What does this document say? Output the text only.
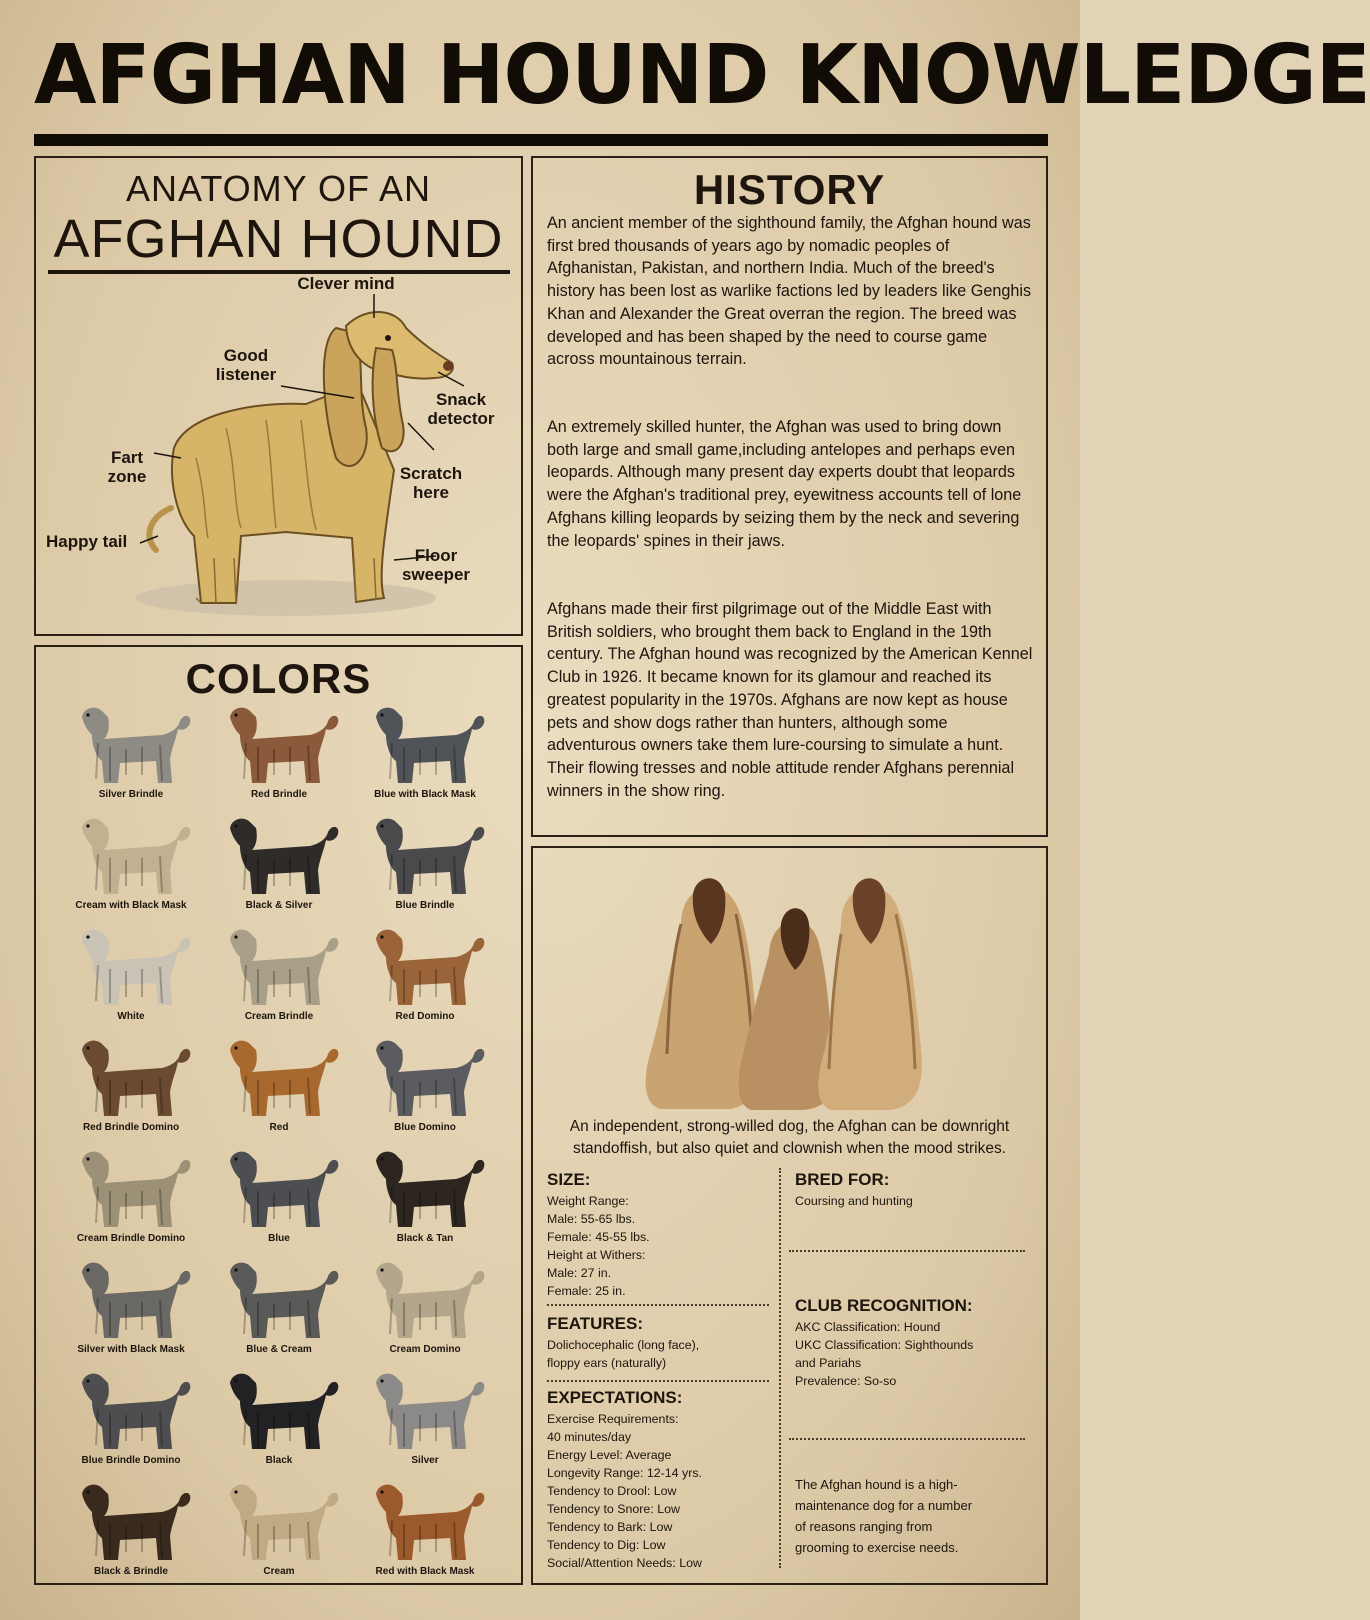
AFGHAN HOUND KNOWLEDGE
ANATOMY OF AN
AFGHAN HOUND
Clever mind
Good
listener
Snack
detector
Fart
zone	Scratch
here
Happy tail
Floor
sweeper
COLORS
Silver Brindle	Red Brindle	Blue with Black Mask
Cream with Black Mask	Black & Silver	Blue Brindle
White	Cream Brindle	Red Domino
Red Brindle Domino	Red	Blue Domino
Cream Brindle Domino	Blue	Black & Tan
Silver with Black Mask	Blue & Cream	Cream Domino
Blue Brindle Domino	Black	Silver
Black & Brindle	Cream	Red with Black Mask
HISTORY

An ancient member of the sighthound family, the Afghan hound was first bred thousands of years ago by nomadic peoples of Afghanistan, Pakistan, and northern India. Much of the breed's history has been lost as warlike factions led by leaders like Genghis Khan and Alexander the Great overran the region. The breed was developed and has been shaped by the need to course game across mountainous terrain.

An extremely skilled hunter, the Afghan was used to bring down both large and small game,including antelopes and perhaps even leopards. Although many present day experts doubt that leopards were the Afghan's traditional prey, eyewitness accounts tell of lone Afghans killing leopards by seizing them by the neck and severing the leopards' spines in their jaws.

Afghans made their first pilgrimage out of the Middle East with British soldiers, who brought them back to England in the 19th century. The Afghan hound was recognized by the American Kennel Club in 1926. It became known for its glamour and reached its greatest popularity in the 1970s. Afghans are now kept as house pets and show dogs rather than hunters, although some adventurous owners take them lure-coursing to simulate a hunt. Their flowing tresses and noble attitude render Afghans perennial winners in the show ring.

An independent, strong-willed dog, the Afghan can be downright standoffish, but also quiet and clownish when the mood strikes.
SIZE:
Weight Range:
Male: 55-65 lbs.
Female: 45-55 lbs.
Height at Withers:
Male: 27 in.
Female: 25 in.
FEATURES:
Dolichocephalic (long face),
floppy ears (naturally)
EXPECTATIONS:
Exercise Requirements:
40 minutes/day
Energy Level: Average
Longevity Range: 12-14 yrs.
Tendency to Drool: Low
Tendency to Snore: Low
Tendency to Bark: Low
Tendency to Dig: Low
Social/Attention Needs: Low
BRED FOR:
Coursing and hunting
CLUB RECOGNITION:
AKC Classification: Hound
UKC Classification: Sighthounds
and Pariahs
Prevalence: So-so
The Afghan hound is a high-
maintenance dog for a number
of reasons ranging from
grooming to exercise needs.
